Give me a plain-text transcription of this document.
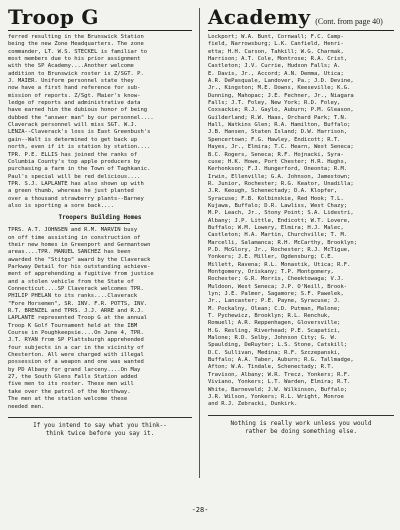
Troop G

ferred resulting in the Brunswick Station
being the new Zone Headquarters. The zone
commander, LT. W.S. STECKEL is familiar to
most members due to his prior assignment
with the SP Academy....Another welcome
addition to Brunswick roster is Z/SGT. P.
J. MAIER. Uniform personnel state they
now have a first hand reference for sub-
mission of reports. Z/Sgt. Maier's know-
ledge of reports and administrative data
have earned him the dubious honor of being
dubbed the "answer man" by our personnel....
Claverack personnel will miss SGT. W.J.
LENZA--Claverack's loss is East Greenbush's
gain--Walt is determined to get back up
north, even if it is station by station....
TPR. P.E. ELLIS has joined the ranks of
Columbia County's top apple producers by
purchasing a farm in the Town of Taghkanic.
Paul's special will be red delicious....
TPR. S.J. LAPLANTE has also shown up with
a green thumb, whereas he just planted
over a thousand strawberry plants--Barney
also is sporting a sore back....

Troopers Building Homes

TPRS. A.T. JOHNSEN and R.M. MARVIN busy
on off time assisting in construction of
their new homes in Greenport and Germantown
areas....TPR. MANUEL SANCHEZ has been
awarded the "Stitgo" award by the Claverack
Parkway Detail for his outstanding achieve-
ment of apprehending a fugitive from justice
and a stolen vehicle from the State of
Connecticut....SP Claverack welcomes TPR.
PHILIP PHELAN to its ranks....Claverack
"Fore Horsemen", SR. INV. F.R. POTTS, INV.
R.T. BRENZEL and TPRS. J.J. ARRE and R.J.
LAPLANTE represented Troop G at the annual
Troop K Golf Tournament held at the IBM
Course in Poughkeepsie....On June 4, TPR.
J.T. RYAN from SP Plattsburgh apprehended
four subjects in a car in the vicinity of
Chesterton. All were charged with illegal
possession of a weapon and one was wanted
by PD Albany for grand larceny....On May
27, the South Glens Falls Station added
five men to its roster. These men will
take over the patrol of the Northway.
The men at the station welcome these
needed men.

If you intend to say what you think--
think twice before you say it.
Academy (Cont. from page 40)

Lockport; W.A. Bunt, Cornwall; F.C. Camp-
field, Narrowsburg; L.K. Canfield, Henri-
etta; H.H. Carson, Tahkill; W.G. Charmak,
Harrison; A.T. Cole, Montrose; R.A. Crist,
Castleton; J.V. Currie, Hudson Falls; A.
E. Davis, Jr., Accord; A.N. Demma, Utica;
A.R. DePasquale, Landover, Pa.; J.D. Devine,
Jr., Kingston; M.E. Downs, Keeseville; K.G.
Dunning, Mahopac; J.E. Fechner, Jr., Niagara
Falls; J.T. Foley, New York; R.D. Foley,
Coxsackie; R.J. Gaylo, Auburn; P.M. Gleason,
Guilderland; R.W. Haas, Orchard Park; T.N.
Hall, Watkins Glen; R.A. Hamilton, Buffalo;
J.B. Hansen, Staten Island; D.W. Harrison,
Spencertown; F.G. Hawley, Endicott; R.T.
Hayes, Jr., Elmira; T.C. Hearn, West Seneca;
B.C. Rogers, Seneca; R.F. Hojnacki, Syra-
cuse; H.K. Howe, Port Chester; H.R. Hughs,
Kerhonkson; F.J. Hungerford, Oneonta; R.M.
Irwin, Ellenville; G.A. Johnson, Jamestown;
R. Junior, Rochester; R.G. Keator, Unadilla;
J.R. Keough, Schenectady; D.A. Klopfer,
Syracuse; F.B. Kolbinskie, Red Hook; T.L.
Kujawa, Buffalo; D.R. Lawliss, West Chazy;
M.P. Leach, Jr., Stony Point; S.A. Lidestri,
Albany; J.P. Little, Endicott; W.T. Lovere,
Buffalo; W.M. Lowery, Elmira; H.J. Malec,
Castleton; H.A. Martin, Churchville; T. M.
Marcelli, Salamanca; R.H. McCarthy, Brooklyn;
P.D. McGlory, Jr., Rochester; R.J. McTigue,
Yonkers; J.E. Miller, Ogdensburg; C.E.
Millett, Ravena; R.L. Monastik, Utica; R.F.
Montgomery, Oriskany; T.P. Montgomery,
Rochester; G.R. Morris, Cheektowaga; V.J.
Muldoon, West Seneca; J.P. O'Neill, Brook-
lyn; J.E. Palmer, Sagamore; S.F. Pawelek,
Jr., Lancaster; P.E. Payne, Syracuse; J.
M. Pockalny, Olean; C.D. Putman, Malone;
T. Pychewicz, Brooklyn; R.L. Renchuk,
Romuell; A.R. Reppenhagen, Gloversville;
H.G. Resling, Riverhead; P.E. Scapatici,
Malone; R.D. Selby, Johnson City; G. W.
Spaulding, DeRuyter; L.S. Stone, Catskill;
D.C. Sullivan, Medina; R.F. Szczepanski,
Buffalo; A.A. Taber, Auburn; R.G. Tallmadge,
Afton; W.A. Tindale, Schenectady; R.T.
Travison, Albany; W.R. Trecz, Yonkers; R.F.
Viviano, Yonkers; L.T. Warden, Elmira; R.T.
White, Barneveld; J.W. Wilkinson, Buffalo;
J.R. Wilson, Yonkers; R.L. Wright, Monroe
and R.J. Zebracki, Dunkirk.

Nothing is really work unless you would
rather be doing something else.
-28-
